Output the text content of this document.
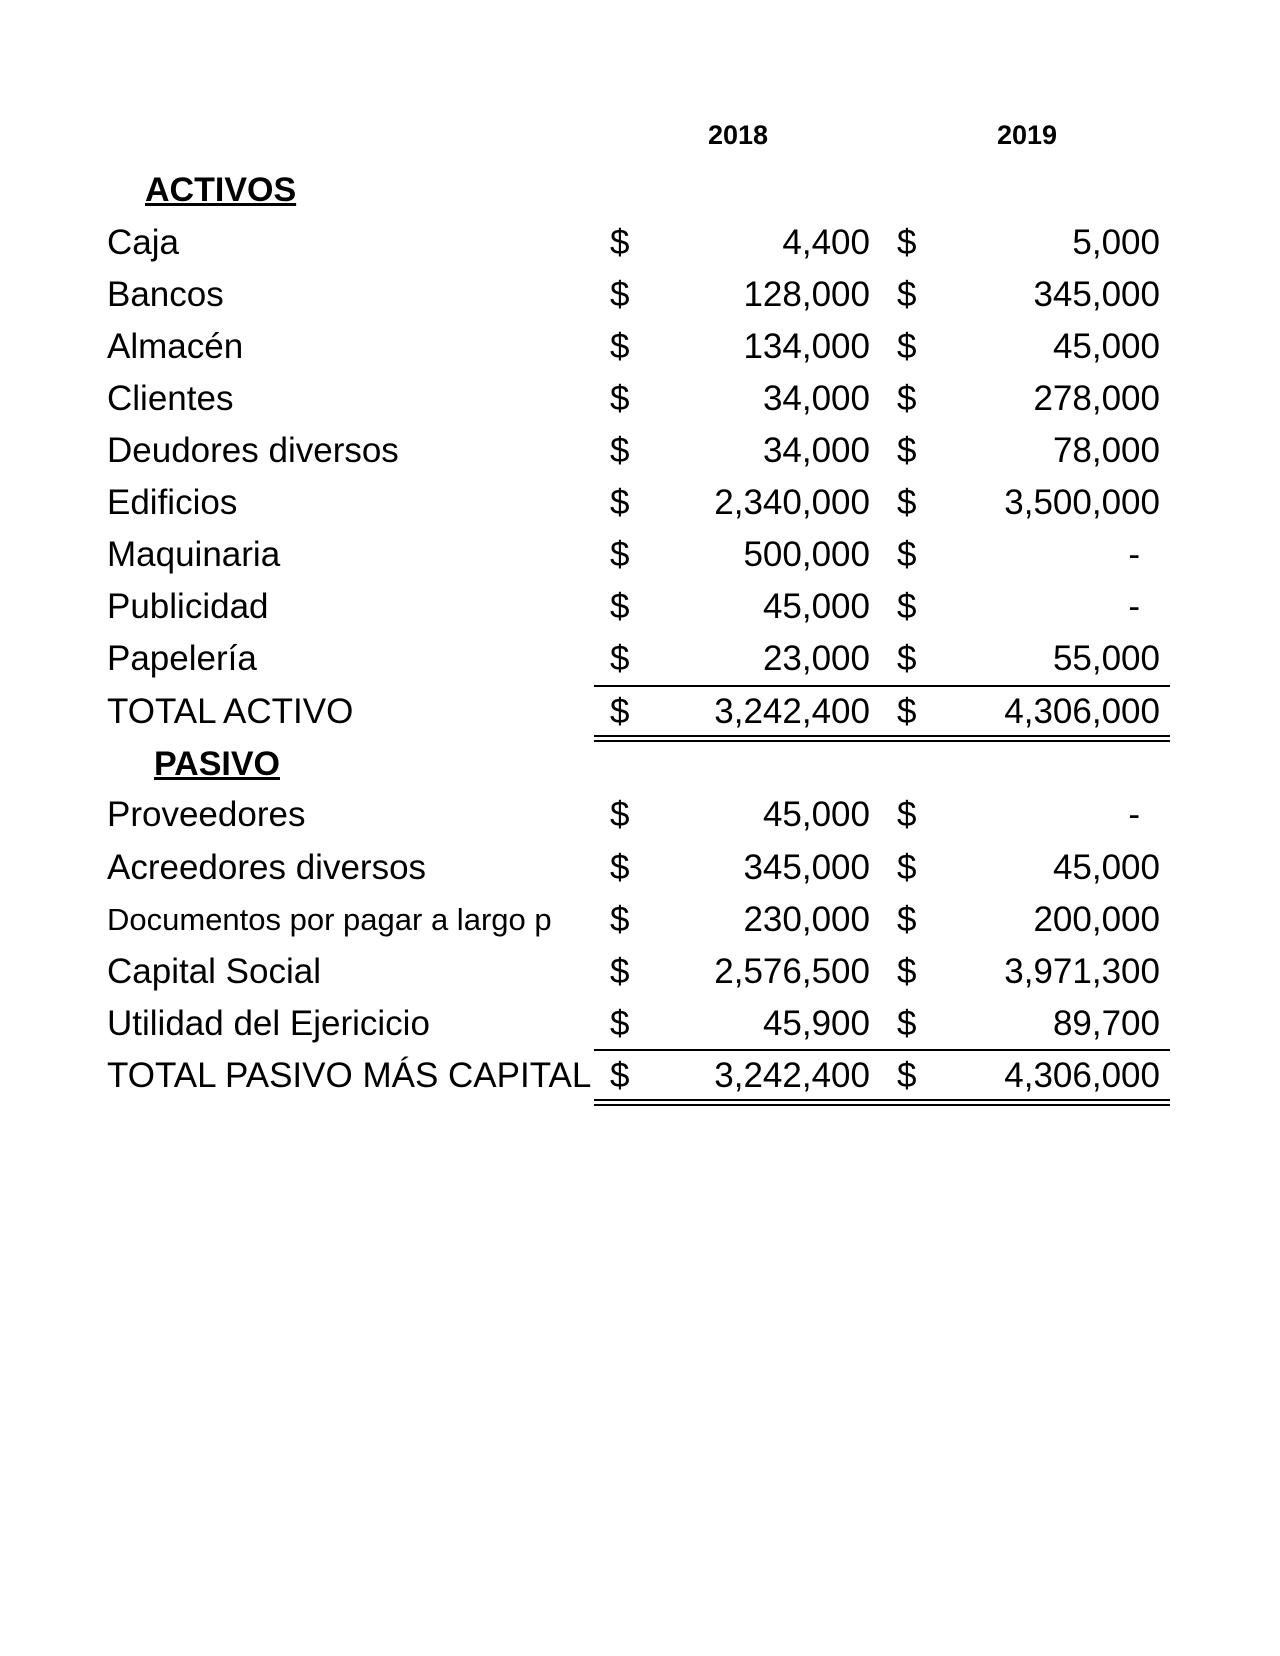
2018	2019
ACTIVOS
Caja	$	4,400 $	5,000
Bancos	$	128,000 $	345,000
Almacén	$	134,000 $	45,000
Clientes	$	34,000 $	278,000
Deudores diversos	$	34,000 $	78,000
Edificios	$	2,340,000 $	3,500,000
Maquinaria	$	500,000 $	-
Publicidad	$	45,000 $	-
Papelería	$	23,000 $	55,000
TOTAL ACTIVO	$	3,242,400 $	4,306,000
PASIVO
Proveedores	$	45,000 $	-
Acreedores diversos	$	345,000 $	45,000
Documentos por pagar a largo p	$	230,000 $	200,000
Capital Social	$	2,576,500 $	3,971,300
Utilidad del Ejericicio	$	45,900 $	89,700
TOTAL PASIVO MÁS CAPITAL $	3,242,400 $	4,306,000
